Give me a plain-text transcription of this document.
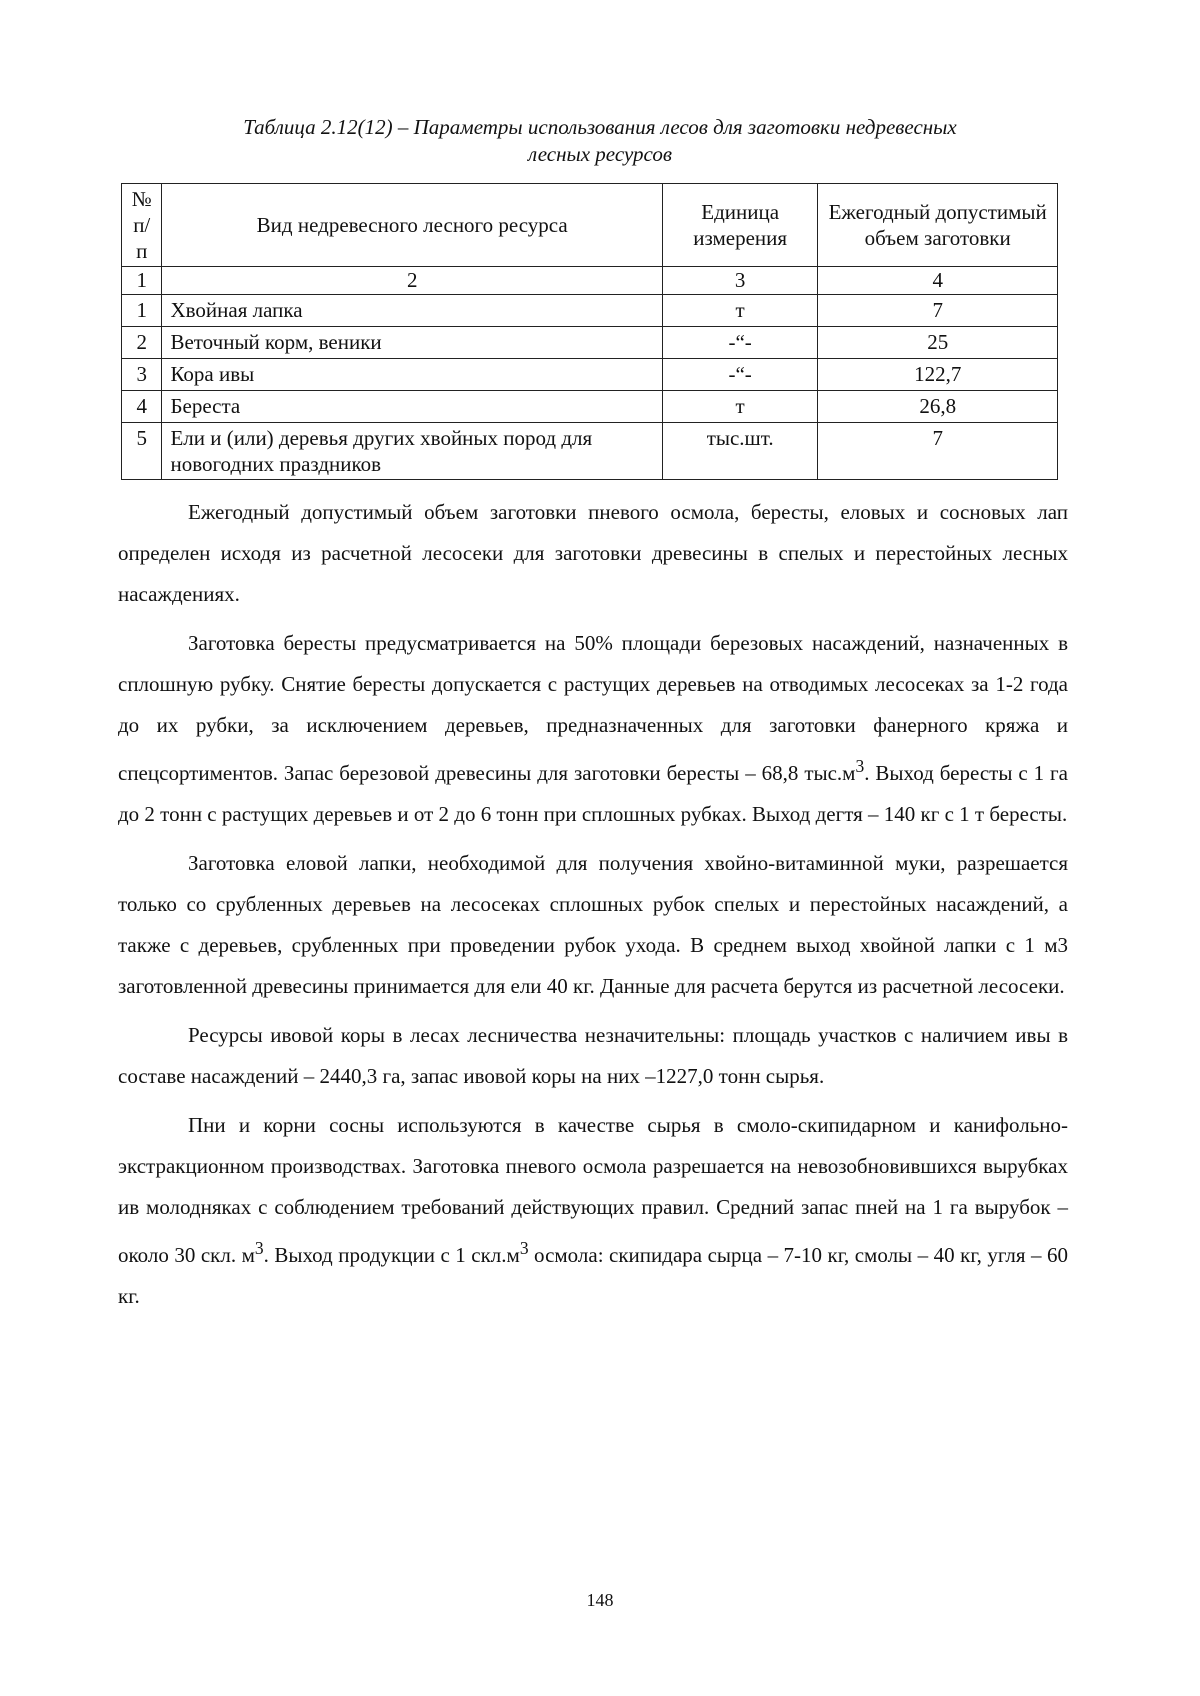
Таблица 2.12(12) – Параметры использования лесов для заготовки недревесных
лесных ресурсов
№ п/п	Вид недревесного лесного ресурса	Единица измерения	Ежегодный допустимый объем заготовки
1	2	3	4
1	Хвойная лапка	т	7
2	Веточный корм, веники	-“-	25
3	Кора ивы	-“-	122,7
4	Береста	т	26,8
5	Ели и (или) деревья других хвойных пород для новогодних праздников	тыс.шт.	7

Ежегодный допустимый объем заготовки пневого осмола, бересты, еловых и сосновых лап определен исходя из расчетной лесосеки для заготовки древесины в спелых и перестойных лесных насаждениях.

Заготовка бересты предусматривается на 50% площади березовых насаждений, назначенных в сплошную рубку. Снятие бересты допускается с растущих деревьев на отводимых лесосеках за 1-2 года до их рубки, за исключением деревьев, предназначенных для заготовки фанерного кряжа и спецсортиментов. Запас березовой древесины для заготовки бересты – 68,8 $тыс.м^3$. Выход бересты с 1 га до 2 тонн с растущих деревьев и от 2 до 6 тонн при сплошных рубках. Выход дегтя – 140 кг с 1 т бересты.

Заготовка еловой лапки, необходимой для получения хвойно-витаминной муки, разрешается только со срубленных деревьев на лесосеках сплошных рубок спелых и перестойных насаждений, а также с деревьев, срубленных при проведении рубок ухода. В среднем выход хвойной лапки с 1 м3 заготовленной древесины принимается для ели 40 кг. Данные для расчета берутся из расчетной лесосеки.

Ресурсы ивовой коры в лесах лесничества незначительны: площадь участков с наличием ивы в составе насаждений – 2440,3 га, запас ивовой коры на них –1227,0 тонн сырья.

Пни и корни сосны используются в качестве сырья в смоло-скипидарном и канифольно-экстракционном производствах. Заготовка пневого осмола разрешается на невозобновившихся вырубках ив молодняках с соблюдением требований действующих правил. Средний запас пней на 1 га вырубок – около 30 скл. $м^3$. Выход продукции с 1 $скл.м^3$ осмола: скипидара сырца – 7-10 кг, смолы – 40 кг, угля – 60 кг.

148
